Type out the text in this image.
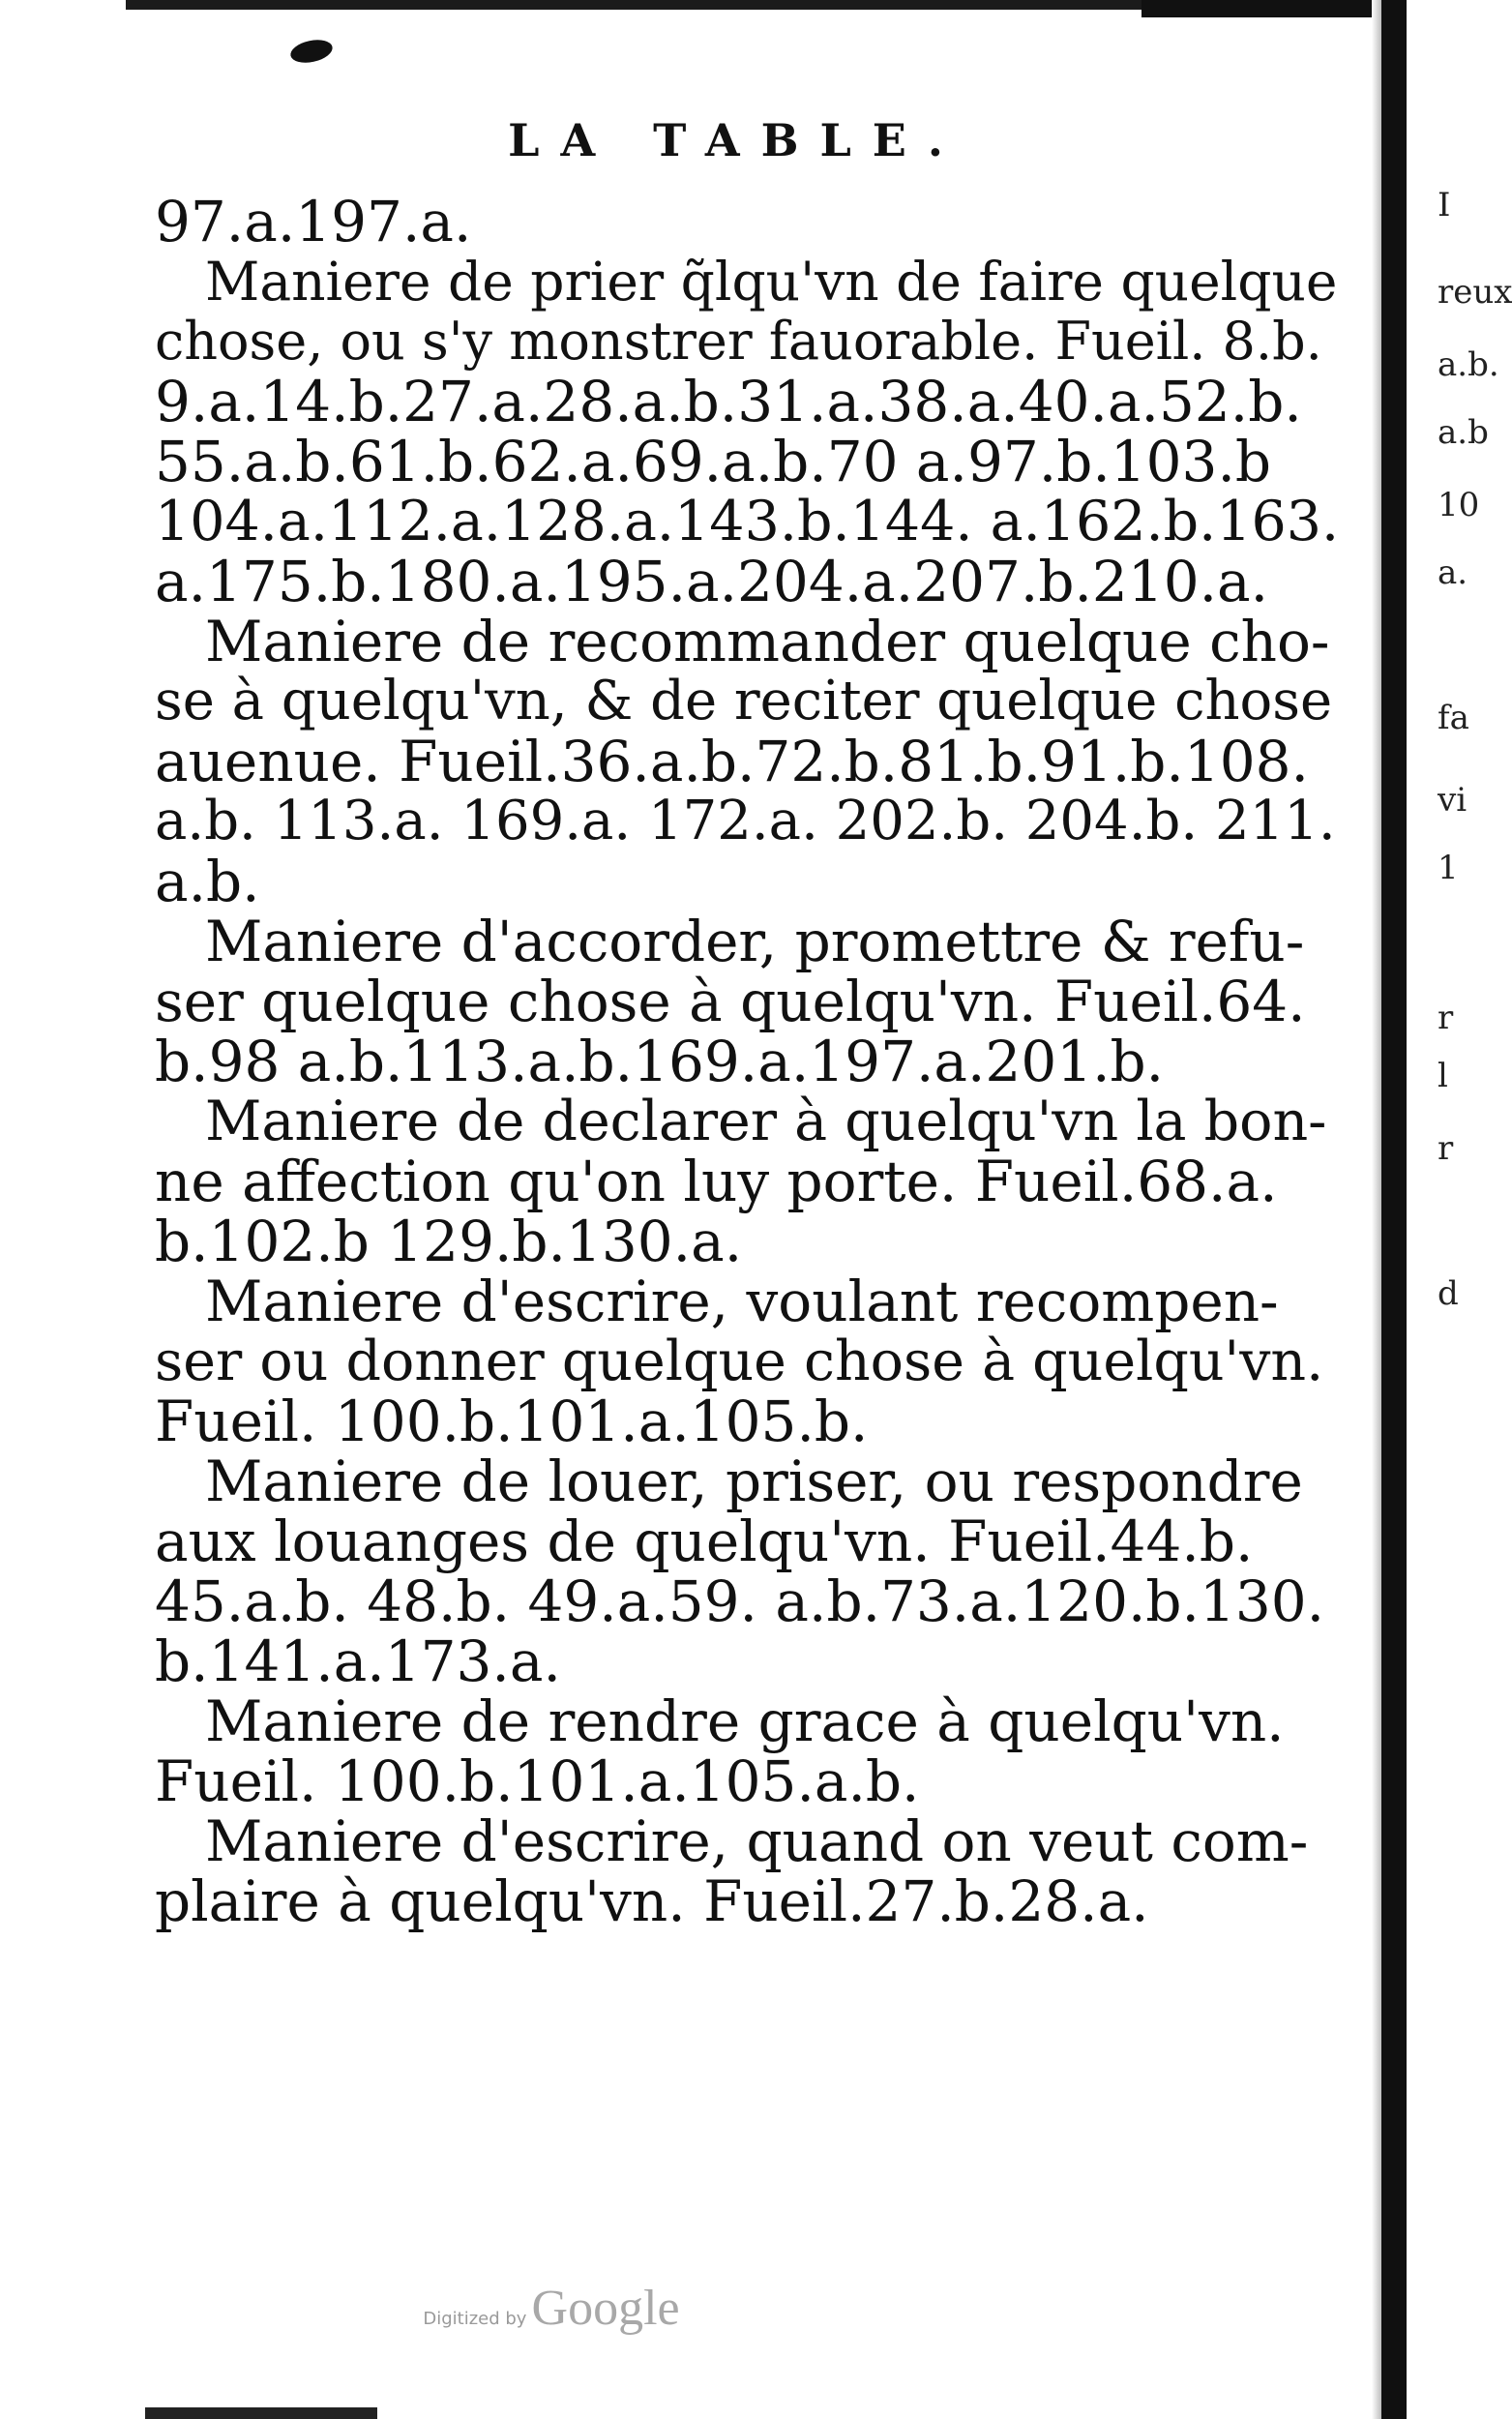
I
reux
a.b.
a.b
10
a.
fa
vi
1
r
l
r
d
LA TABLE.
97.a.197.a.
Maniere de prier q̃lqu'vn de faire quelque
chose, ou s'y monstrer fauorable. Fueil. 8.b.
9.a.14.b.27.a.28.a.b.31.a.38.a.40.a.52.b.
55.a.b.61.b.62.a.69.a.b.70 a.97.b.103.b
104.a.112.a.128.a.143.b.144. a.162.b.163.
a.175.b.180.a.195.a.204.a.207.b.210.a.
Maniere de recommander quelque cho-
se à quelqu'vn, & de reciter quelque chose
auenue. Fueil.36.a.b.72.b.81.b.91.b.108.
a.b. 113.a. 169.a. 172.a. 202.b. 204.b. 211.
a.b.
Maniere d'accorder, promettre & refu-
ser quelque chose à quelqu'vn. Fueil.64.
b.98 a.b.113.a.b.169.a.197.a.201.b.
Maniere de declarer à quelqu'vn la bon-
ne affection qu'on luy porte. Fueil.68.a.
b.102.b 129.b.130.a.
Maniere d'escrire, voulant recompen-
ser ou donner quelque chose à quelqu'vn.
Fueil. 100.b.101.a.105.b.
Maniere de louer, priser, ou respondre
aux louanges de quelqu'vn. Fueil.44.b.
45.a.b. 48.b. 49.a.59. a.b.73.a.120.b.130.
b.141.a.173.a.
Maniere de rendre grace à quelqu'vn.
Fueil. 100.b.101.a.105.a.b.
Maniere d'escrire, quand on veut com-
plaire à quelqu'vn. Fueil.27.b.28.a.
Digitized by Google
